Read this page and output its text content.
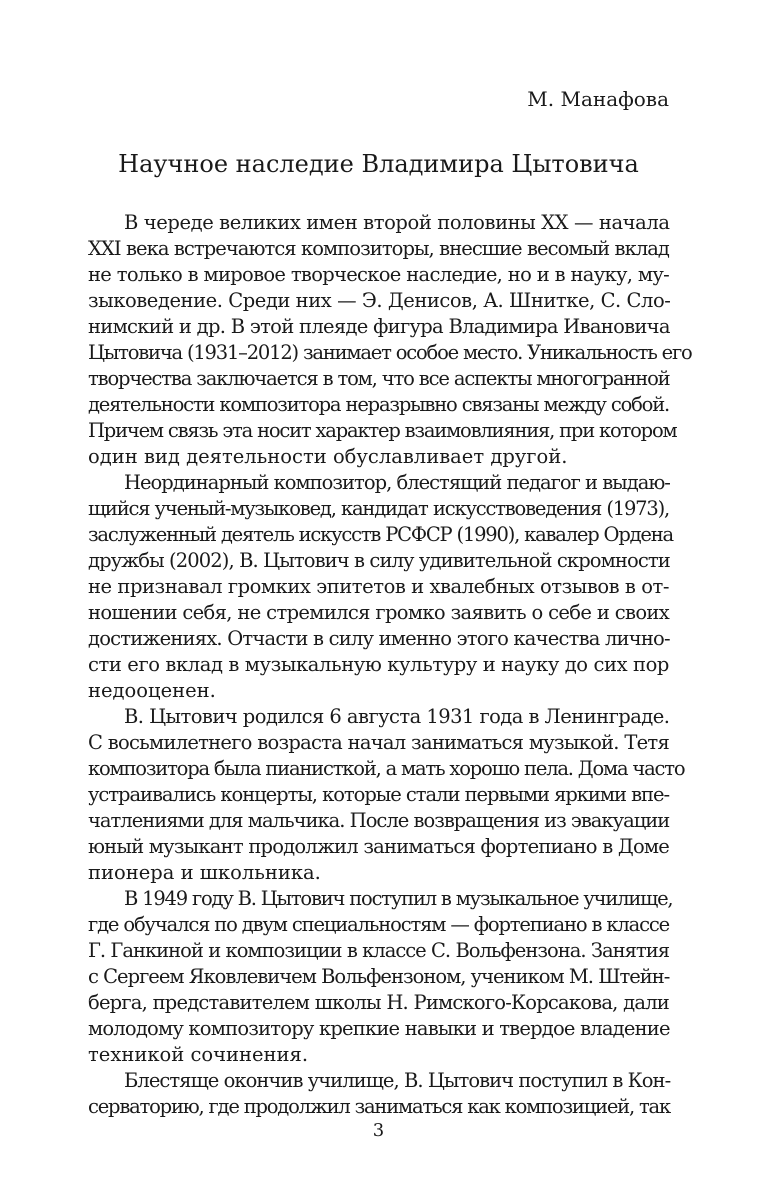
М. Манафова
Научное наследие Владимира Цытовича
В череде великих имен второй половины XX — начала
XXI века встречаются композиторы, внесшие весомый вклад
не только в мировое творческое наследие, но и в науку, му-
зыковедение. Среди них — Э. Денисов, А. Шнитке, С. Сло-
нимский и др. В этой плеяде фигура Владимира Ивановича
Цытовича (1931–2012) занимает особое место. Уникальность его
творчества заключается в том, что все аспекты многогранной
деятельности композитора неразрывно связаны между собой.
Причем связь эта носит характер взаимовлияния, при котором
один вид деятельности обуславливает другой.
Неординарный композитор, блестящий педагог и выдаю-
щийся ученый-музыковед, кандидат искусствоведения (1973),
заслуженный деятель искусств РСФСР (1990), кавалер Ордена
дружбы (2002), В. Цытович в силу удивительной скромности
не признавал громких эпитетов и хвалебных отзывов в от-
ношении себя, не стремился громко заявить о себе и своих
достижениях. Отчасти в силу именно этого качества лично-
сти его вклад в музыкальную культуру и науку до сих пор
недооценен.
В. Цытович родился 6 августа 1931 года в Ленинграде.
С восьмилетнего возраста начал заниматься музыкой. Тетя
композитора была пианисткой, а мать хорошо пела. Дома часто
устраивались концерты, которые стали первыми яркими впе-
чатлениями для мальчика. После возвращения из эвакуации
юный музыкант продолжил заниматься фортепиано в Доме
пионера и школьника.
В 1949 году В. Цытович поступил в музыкальное училище,
где обучался по двум специальностям — фортепиано в классе
Г. Ганкиной и композиции в классе С. Вольфензона. Занятия
с Сергеем Яковлевичем Вольфензоном, учеником М. Штейн-
берга, представителем школы Н. Римского-Корсакова, дали
молодому композитору крепкие навыки и твердое владение
техникой сочинения.
Блестяще окончив училище, В. Цытович поступил в Кон-
серваторию, где продолжил заниматься как композицией, так
3
